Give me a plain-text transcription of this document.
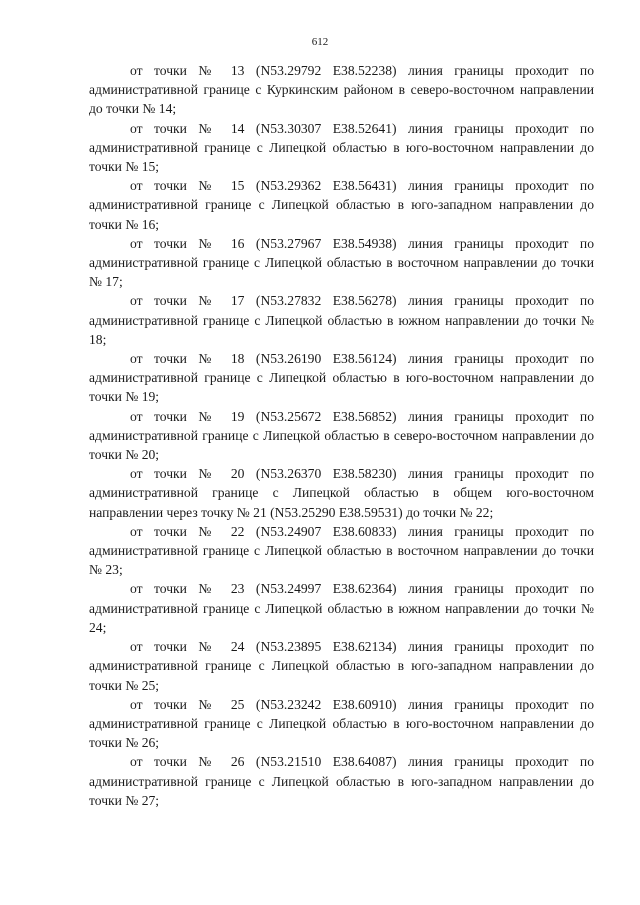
612

от точки № 13 (N53.29792 E38.52238) линия границы проходит по административной границе с Куркинским районом в северо-восточном направлении до точки № 14;

от точки № 14 (N53.30307 E38.52641) линия границы проходит по административной границе с Липецкой областью в юго-восточном направлении до точки № 15;

от точки № 15 (N53.29362 E38.56431) линия границы проходит по административной границе с Липецкой областью в юго-западном направлении до точки № 16;

от точки № 16 (N53.27967 E38.54938) линия границы проходит по административной границе с Липецкой областью в восточном направлении до точки № 17;

от точки № 17 (N53.27832 E38.56278) линия границы проходит по административной границе с Липецкой областью в южном направлении до точки № 18;

от точки № 18 (N53.26190 E38.56124) линия границы проходит по административной границе с Липецкой областью в юго-восточном направлении до точки № 19;

от точки № 19 (N53.25672 E38.56852) линия границы проходит по административной границе с Липецкой областью в северо-восточном направлении до точки № 20;

от точки № 20 (N53.26370 E38.58230) линия границы проходит по административной границе с Липецкой областью в общем юго-восточном направлении через точку № 21 (N53.25290 E38.59531) до точки № 22;

от точки № 22 (N53.24907 E38.60833) линия границы проходит по административной границе с Липецкой областью в восточном направлении до точки № 23;

от точки № 23 (N53.24997 E38.62364) линия границы проходит по административной границе с Липецкой областью в южном направлении до точки № 24;

от точки № 24 (N53.23895 E38.62134) линия границы проходит по административной границе с Липецкой областью в юго-западном направлении до точки № 25;

от точки № 25 (N53.23242 E38.60910) линия границы проходит по административной границе с Липецкой областью в юго-восточном направлении до точки № 26;

от точки № 26 (N53.21510 E38.64087) линия границы проходит по административной границе с Липецкой областью в юго-западном направлении до точки № 27;
